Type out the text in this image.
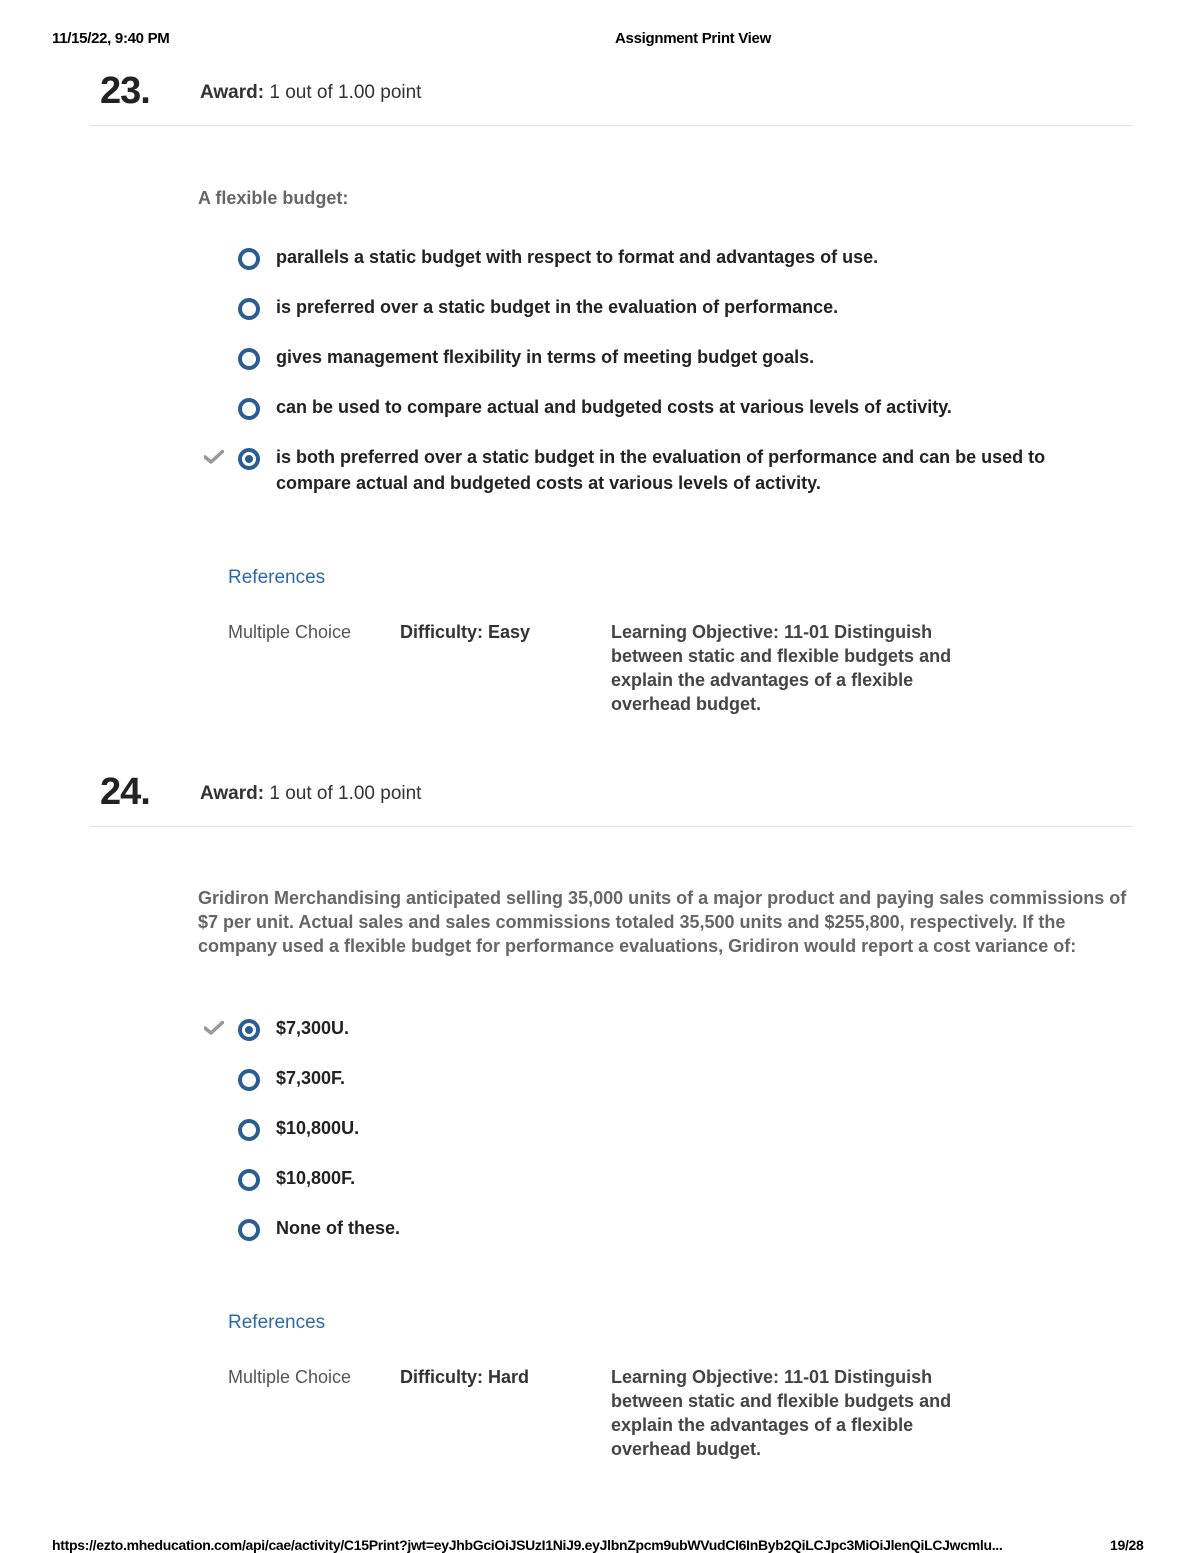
11/15/22, 9:40 PM	Assignment Print View
23.	Award: 1 out of 1.00 point
A flexible budget:
parallels a static budget with respect to format and advantages of use.
is preferred over a static budget in the evaluation of performance.
gives management flexibility in terms of meeting budget goals.
can be used to compare actual and budgeted costs at various levels of activity.
is both preferred over a static budget in the evaluation of performance and can be used to compare actual and budgeted costs at various levels of activity.
References
Multiple Choice	Difficulty: Easy	Learning Objective: 11-01 Distinguish between static and flexible budgets and explain the advantages of a flexible overhead budget.
24.	Award: 1 out of 1.00 point
Gridiron Merchandising anticipated selling 35,000 units of a major product and paying sales commissions of $7 per unit. Actual sales and sales commissions totaled 35,500 units and $255,800, respectively. If the company used a flexible budget for performance evaluations, Gridiron would report a cost variance of:
$7,300U.
$7,300F.
$10,800U.
$10,800F.
None of these.
References
Multiple Choice	Difficulty: Hard	Learning Objective: 11-01 Distinguish between static and flexible budgets and explain the advantages of a flexible overhead budget.
https://ezto.mheducation.com/api/cae/activity/C15Print?jwt=eyJhbGciOiJSUzI1NiJ9.eyJlbnZpcm9ubWVudCI6InByb2QiLCJpc3MiOiJlenQiLCJwcmlu...	19/28
